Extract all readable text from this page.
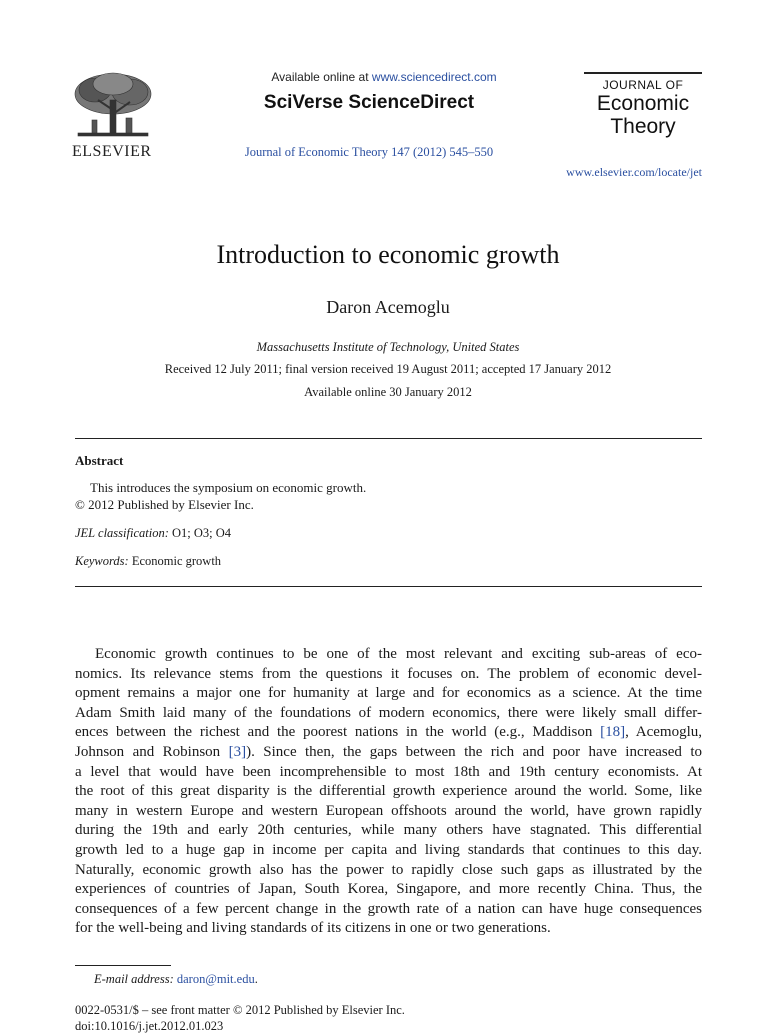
ELSEVIER
Available online at www.sciencedirect.com
SciVerse ScienceDirect
Journal of Economic Theory 147 (2012) 545–550
JOURNAL OF
Economic
Theory
www.elsevier.com/locate/jet
Introduction to economic growth
Daron Acemoglu
Massachusetts Institute of Technology, United States
Received 12 July 2011; final version received 19 August 2011; accepted 17 January 2012
Available online 30 January 2012
Abstract
This introduces the symposium on economic growth.
© 2012 Published by Elsevier Inc.
JEL classification: O1; O3; O4
Keywords: Economic growth
Economic growth continues to be one of the most relevant and exciting sub-areas of eco-
nomics. Its relevance stems from the questions it focuses on. The problem of economic devel-
opment remains a major one for humanity at large and for economics as a science. At the time
Adam Smith laid many of the foundations of modern economics, there were likely small differ-
ences between the richest and the poorest nations in the world (e.g., Maddison [18], Acemoglu,
Johnson and Robinson [3]). Since then, the gaps between the rich and poor have increased to
a level that would have been incomprehensible to most 18th and 19th century economists. At
the root of this great disparity is the differential growth experience around the world. Some, like
many in western Europe and western European offshoots around the world, have grown rapidly
during the 19th and early 20th centuries, while many others have stagnated. This differential
growth led to a huge gap in income per capita and living standards that continues to this day.
Naturally, economic growth also has the power to rapidly close such gaps as illustrated by the
experiences of countries of Japan, South Korea, Singapore, and more recently China. Thus, the
consequences of a few percent change in the growth rate of a nation can have huge consequences
for the well-being and living standards of its citizens in one or two generations.
E-mail address: daron@mit.edu.
0022-0531/$ – see front matter © 2012 Published by Elsevier Inc.
doi:10.1016/j.jet.2012.01.023
